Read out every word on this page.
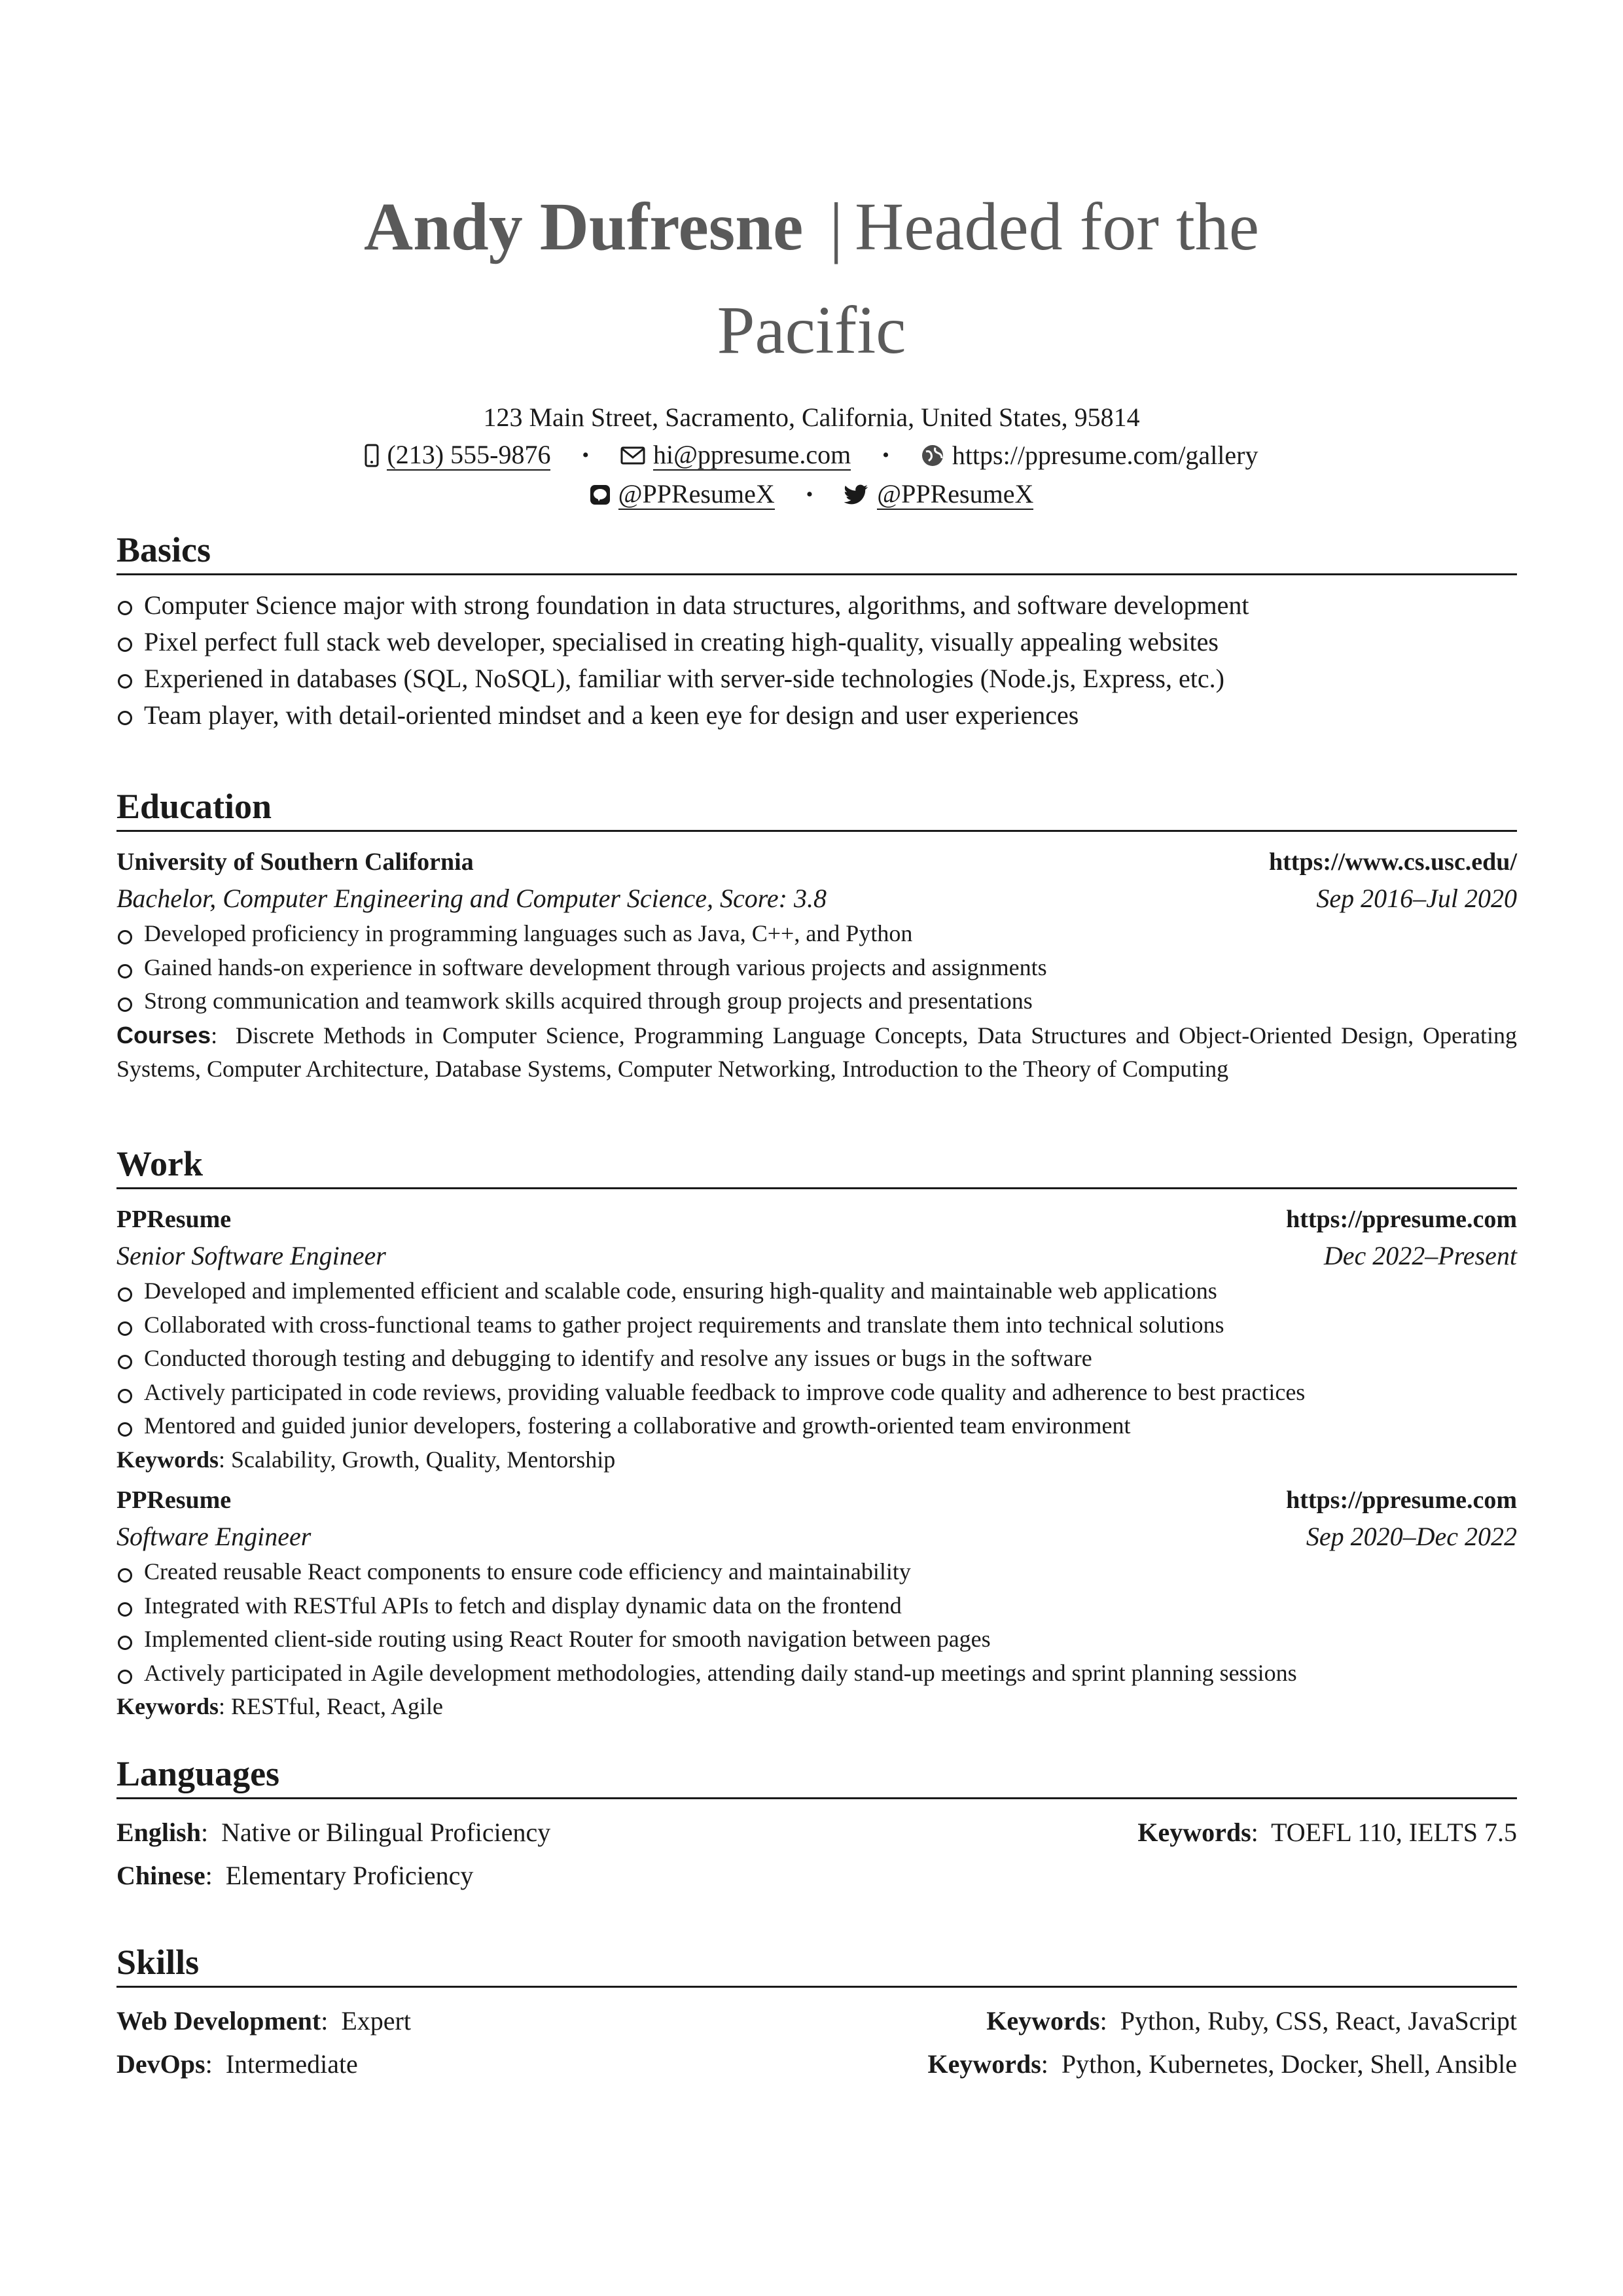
Andy Dufresne | Headed for the Pacific
123 Main Street, Sacramento, California, United States, 95814
(213) 555-9876 • hi@ppresume.com • https://ppresume.com/gallery
@PPResumeX • @PPResumeX
Basics
Computer Science major with strong foundation in data structures, algorithms, and software development
Pixel perfect full stack web developer, specialised in creating high-quality, visually appealing websites
Experiened in databases (SQL, NoSQL), familiar with server-side technologies (Node.js, Express, etc.)
Team player, with detail-oriented mindset and a keen eye for design and user experiences
Education
University of Southern California	https://www.cs.usc.edu/
Bachelor, Computer Engineering and Computer Science, Score: 3.8	Sep 2016–Jul 2020
Developed proficiency in programming languages such as Java, C++, and Python
Gained hands-on experience in software development through various projects and assignments
Strong communication and teamwork skills acquired through group projects and presentations
Courses:  Discrete Methods in Computer Science, Programming Language Concepts, Data Structures and Object-Oriented Design, Operating Systems, Computer Architecture, Database Systems, Computer Networking, Introduction to the Theory of Computing
Work
PPResume	https://ppresume.com
Senior Software Engineer	Dec 2022–Present
Developed and implemented efficient and scalable code, ensuring high-quality and maintainable web applications
Collaborated with cross-functional teams to gather project requirements and translate them into technical solutions
Conducted thorough testing and debugging to identify and resolve any issues or bugs in the software
Actively participated in code reviews, providing valuable feedback to improve code quality and adherence to best practices
Mentored and guided junior developers, fostering a collaborative and growth-oriented team environment
Keywords: Scalability, Growth, Quality, Mentorship
PPResume	https://ppresume.com
Software Engineer	Sep 2020–Dec 2022
Created reusable React components to ensure code efficiency and maintainability
Integrated with RESTful APIs to fetch and display dynamic data on the frontend
Implemented client-side routing using React Router for smooth navigation between pages
Actively participated in Agile development methodologies, attending daily stand-up meetings and sprint planning sessions
Keywords: RESTful, React, Agile
Languages
English:  Native or Bilingual Proficiency	Keywords:  TOEFL 110, IELTS 7.5
Chinese:  Elementary Proficiency
Skills
Web Development:  Expert	Keywords:  Python, Ruby, CSS, React, JavaScript
DevOps:  Intermediate	Keywords:  Python, Kubernetes, Docker, Shell, Ansible
